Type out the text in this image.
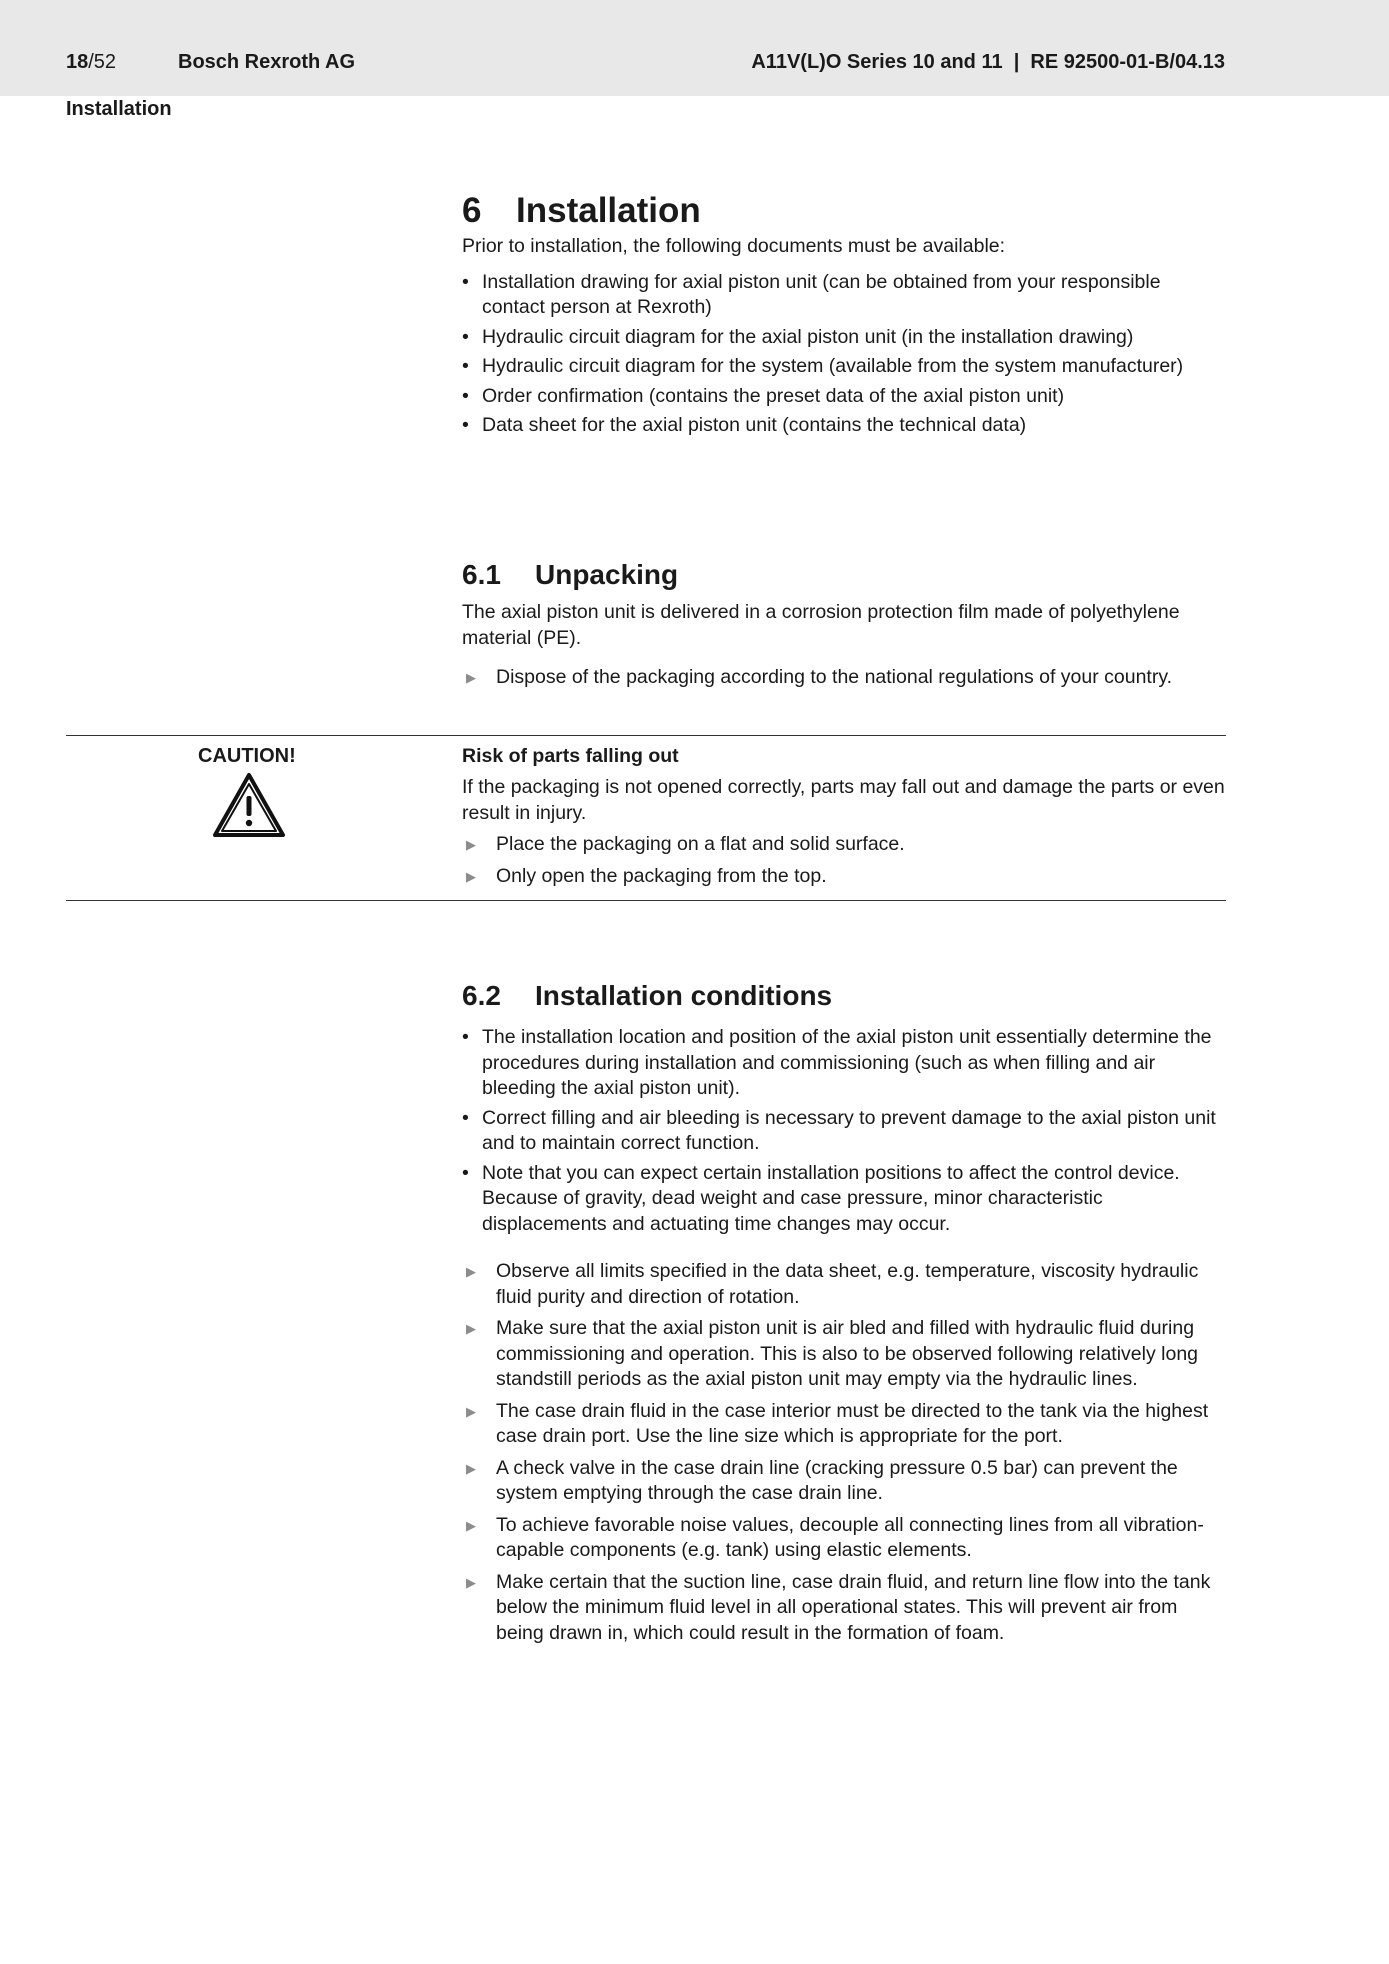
18/52	Bosch Rexroth AG	A11V(L)O Series 10 and 11  |  RE 92500-01-B/04.13
Installation
6 Installation

Prior to installation, the following documents must be available:

• Installation drawing for axial piston unit (can be obtained from your responsible contact person at Rexroth)
• Hydraulic circuit diagram for the axial piston unit (in the installation drawing)
• Hydraulic circuit diagram for the system (available from the system manufacturer)
• Order confirmation (contains the preset data of the axial piston unit)
• Data sheet for the axial piston unit (contains the technical data)
6.1 Unpacking

The axial piston unit is delivered in a corrosion protection film made of polyethylene material (PE).

▶ Dispose of the packaging according to the national regulations of your country.
CAUTION!	Risk of parts falling out

If the packaging is not opened correctly, parts may fall out and damage the parts or even result in injury.

▶ Place the packaging on a flat and solid surface.
▶ Only open the packaging from the top.
6.2 Installation conditions
• The installation location and position of the axial piston unit essentially determine the procedures during installation and commissioning (such as when filling and air bleeding the axial piston unit).
• Correct filling and air bleeding is necessary to prevent damage to the axial piston unit and to maintain correct function.
• Note that you can expect certain installation positions to affect the control device. Because of gravity, dead weight and case pressure, minor characteristic displacements and actuating time changes may occur.
▶ Observe all limits specified in the data sheet, e.g. temperature, viscosity hydraulic fluid purity and direction of rotation.
▶ Make sure that the axial piston unit is air bled and filled with hydraulic fluid during commissioning and operation. This is also to be observed following relatively long standstill periods as the axial piston unit may empty via the hydraulic lines.
▶ The case drain fluid in the case interior must be directed to the tank via the highest case drain port. Use the line size which is appropriate for the port.
▶ A check valve in the case drain line (cracking pressure 0.5 bar) can prevent the system emptying through the case drain line.
▶ To achieve favorable noise values, decouple all connecting lines from all vibration-capable components (e.g. tank) using elastic elements.
▶ Make certain that the suction line, case drain fluid, and return line flow into the tank below the minimum fluid level in all operational states. This will prevent air from being drawn in, which could result in the formation of foam.
